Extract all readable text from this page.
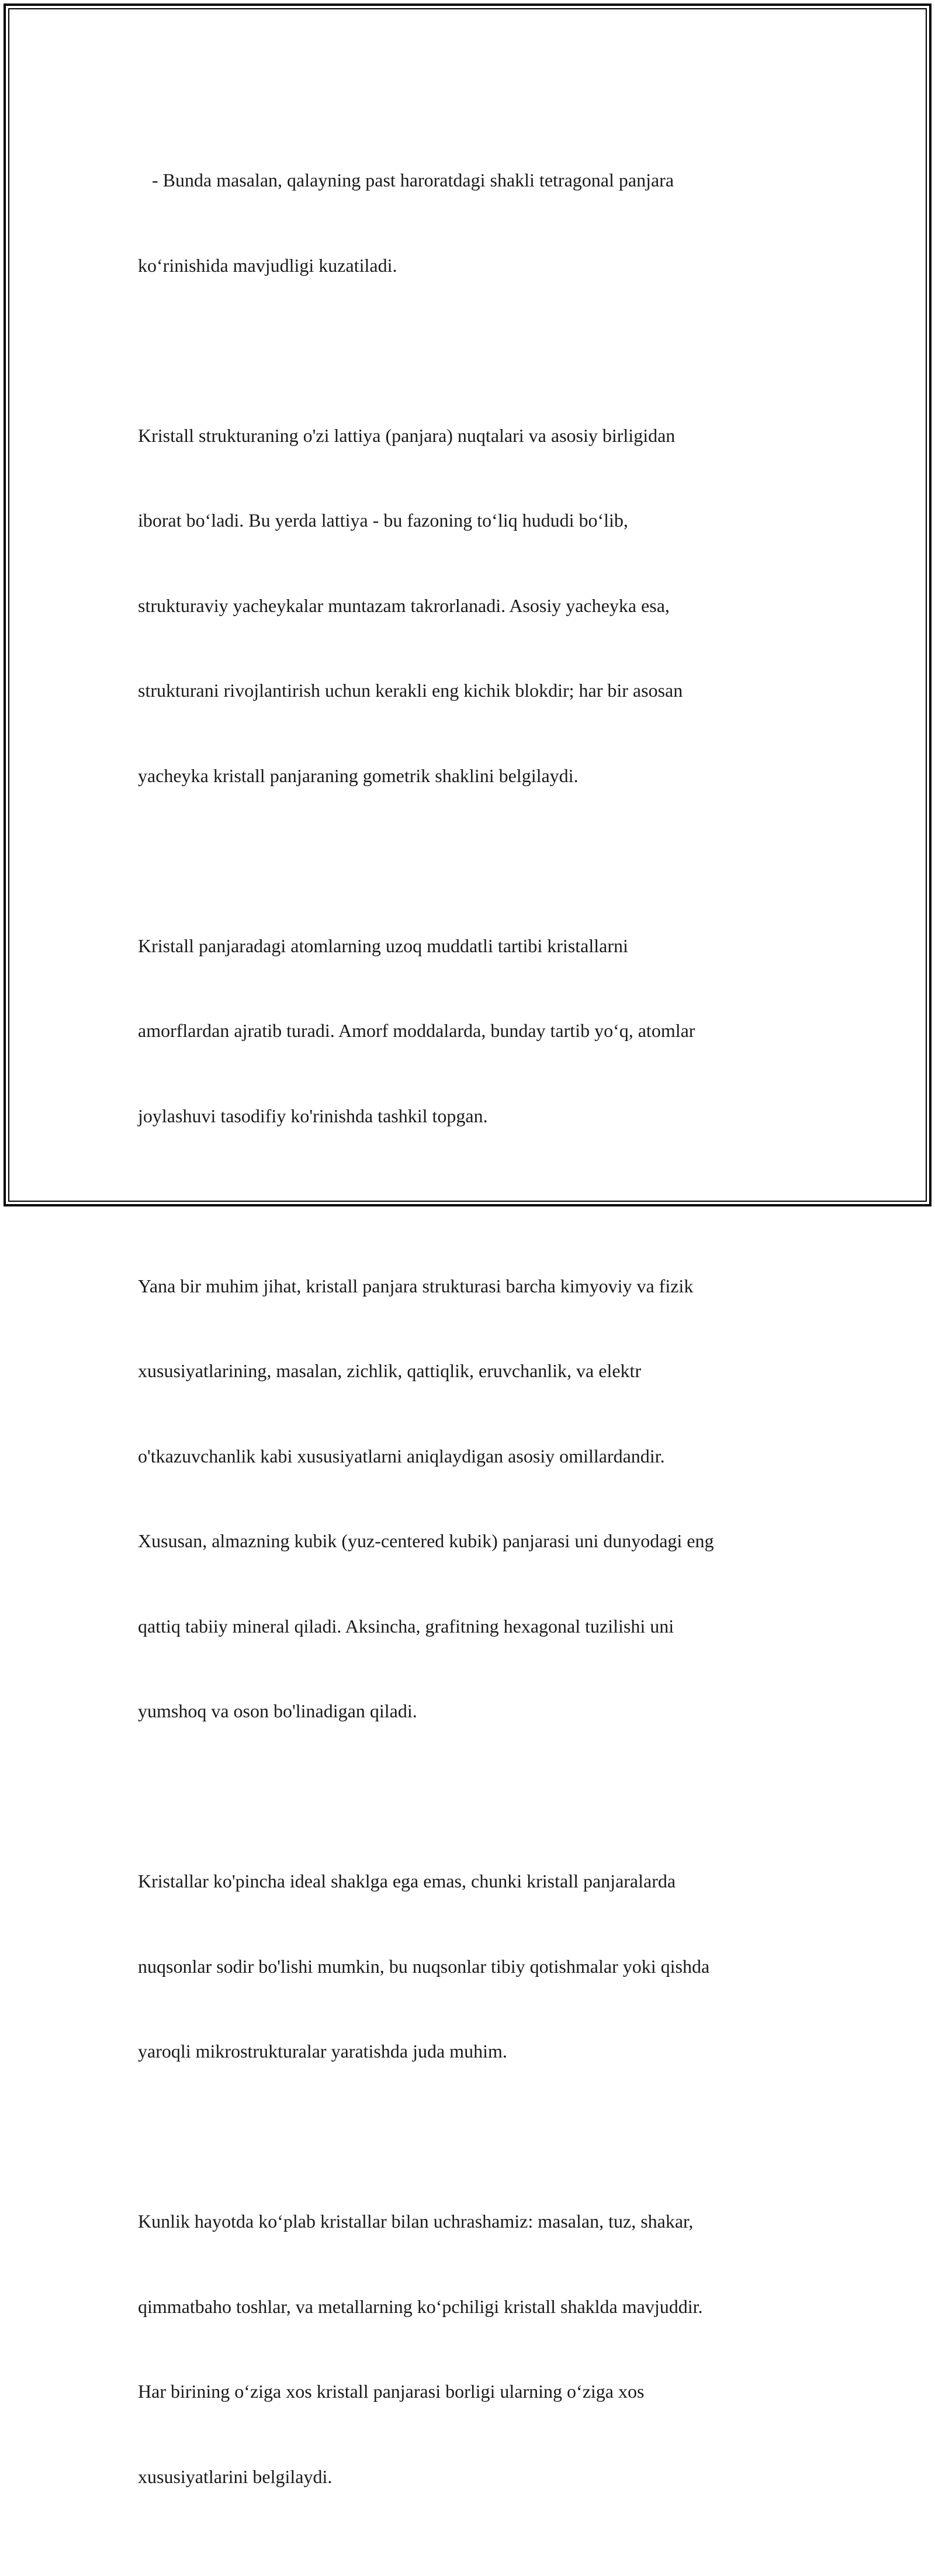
- Bunda masalan, qalayning past haroratdagi shakli tetragonal panjara

ko‘rinishida mavjudligi kuzatiladi.

Kristall strukturaning o'zi lattiya (panjara) nuqtalari va asosiy birligidan

iborat bo‘ladi. Bu yerda lattiya - bu fazoning to‘liq hududi bo‘lib,

strukturaviy yacheykalar muntazam takrorlanadi. Asosiy yacheyka esa,

strukturani rivojlantirish uchun kerakli eng kichik blokdir; har bir asosan

yacheyka kristall panjaraning gometrik shaklini belgilaydi.

Kristall panjaradagi atomlarning uzoq muddatli tartibi kristallarni

amorflardan ajratib turadi. Amorf moddalarda, bunday tartib yo‘q, atomlar

joylashuvi tasodifiy ko'rinishda tashkil topgan.

Yana bir muhim jihat, kristall panjara strukturasi barcha kimyoviy va fizik

xususiyatlarining, masalan, zichlik, qattiqlik, eruvchanlik, va elektr

o'tkazuvchanlik kabi xususiyatlarni aniqlaydigan asosiy omillardandir.

Xususan, almazning kubik (yuz-centered kubik) panjarasi uni dunyodagi eng

qattiq tabiiy mineral qiladi. Aksincha, grafitning hexagonal tuzilishi uni

yumshoq va oson bo'linadigan qiladi.

Kristallar ko'pincha ideal shaklga ega emas, chunki kristall panjaralarda

nuqsonlar sodir bo'lishi mumkin, bu nuqsonlar tibiy qotishmalar yoki qishda

yaroqli mikrostrukturalar yaratishda juda muhim.

Kunlik hayotda ko‘plab kristallar bilan uchrashamiz: masalan, tuz, shakar,

qimmatbaho toshlar, va metallarning ko‘pchiligi kristall shaklda mavjuddir.

Har birining o‘ziga xos kristall panjarasi borligi ularning o‘ziga xos

xususiyatlarini belgilaydi.
